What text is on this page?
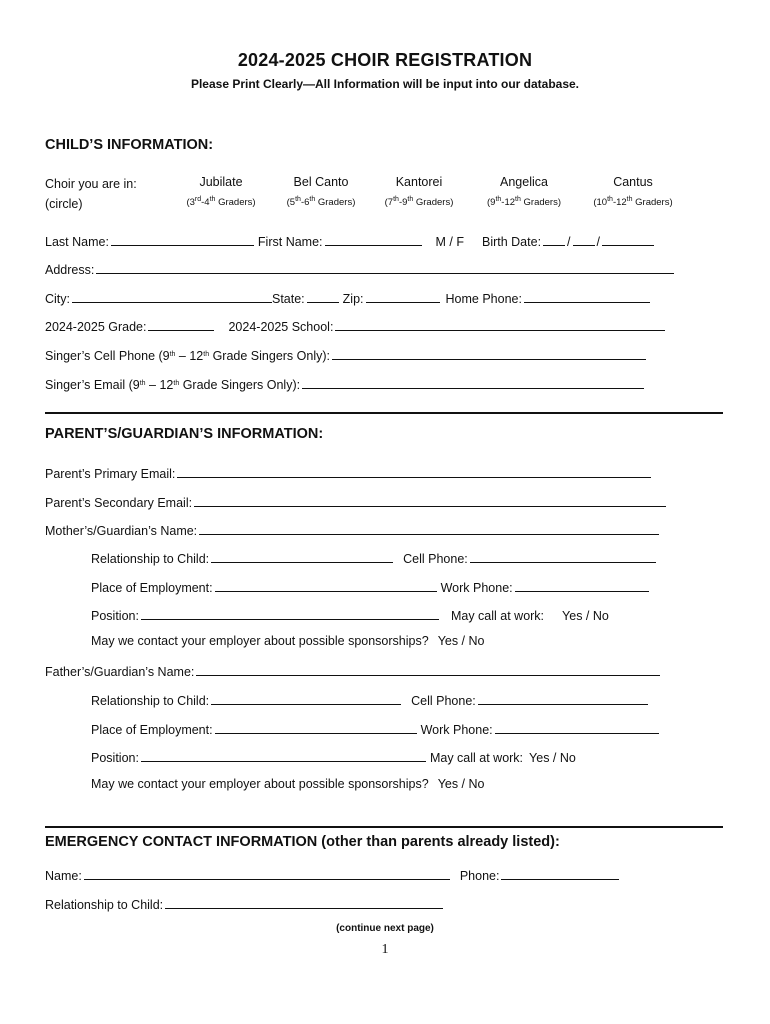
2024-2025 CHOIR REGISTRATION
Please Print Clearly—All Information will be input into our database.
CHILD’S INFORMATION:
Choir you are in:
(circle)
Jubilate
(3rd-4th Graders)
Bel Canto
(5th-6th Graders)
Kantorei
(7th-9th Graders)
Angelica
(9th-12th Graders)
Cantus
(10th-12th Graders)
Last Name:	First Name:	M / F Birth Date: / /
Address:
City:	State:	Zip:	Home Phone:
2024-2025 Grade:	2024-2025 School:
Singer’s Cell Phone (9th – 12th Grade Singers Only):
Singer’s Email (9th – 12th Grade Singers Only):
PARENT’S/GUARDIAN’S INFORMATION:
Parent’s Primary Email:
Parent’s Secondary Email:
Mother’s/Guardian’s Name:
Relationship to Child:	Cell Phone:
Place of Employment:	Work Phone:
Position:	May call at work: Yes / No
May we contact your employer about possible sponsorships? Yes / No
Father’s/Guardian’s Name:
Relationship to Child:	Cell Phone:
Place of Employment:	Work Phone:
Position:	May call at work: Yes / No
May we contact your employer about possible sponsorships? Yes / No
EMERGENCY CONTACT INFORMATION (other than parents already listed):
Name:	Phone:
Relationship to Child:
(continue next page)
1
